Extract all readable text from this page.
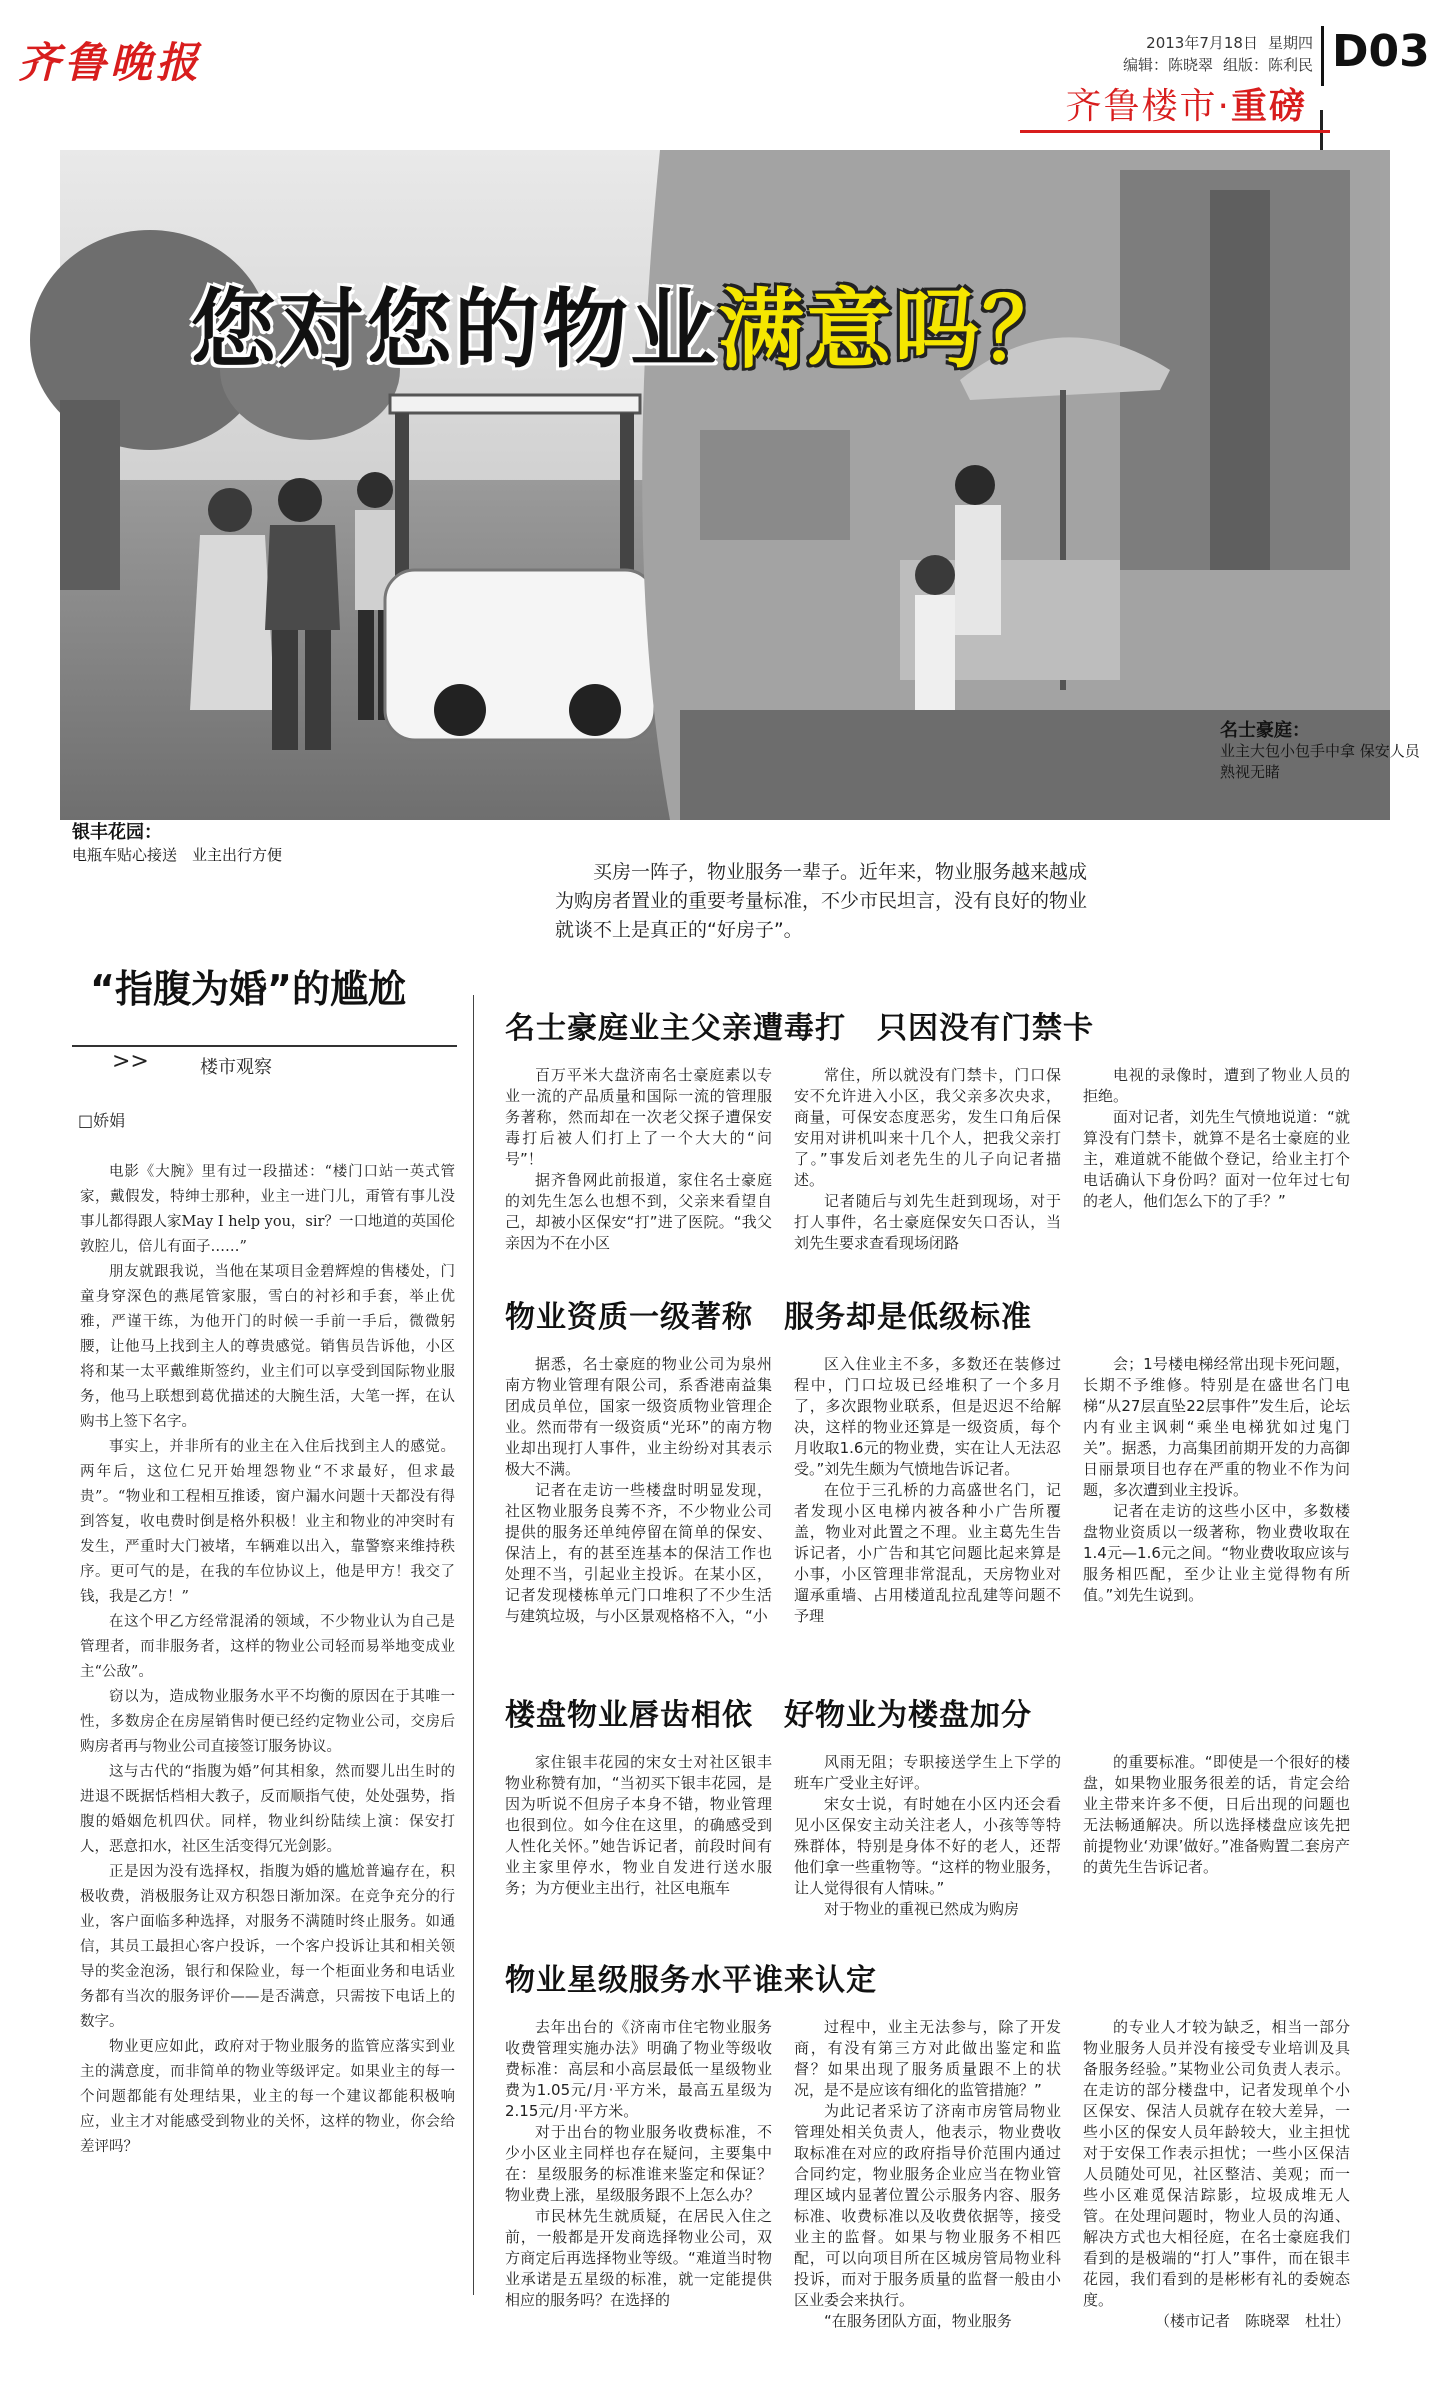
齐鲁晚报	2013年7月18日 星期四
编辑：陈晓翠 组版：陈利民 D03
齐鲁楼市·重磅
您对您的物业满意吗？
名士豪庭：
业主大包小包手中拿 保安人员熟视无睹
银丰花园：
电瓶车贴心接送　业主出行方便
买房一阵子，物业服务一辈子。近年来，物业服务越来越成为购房者置业的重要考量标准，不少市民坦言，没有良好的物业就谈不上是真正的“好房子”。
“指腹为婚”的尴尬
>>	楼市观察
□娇娟

电影《大腕》里有过一段描述：“楼门口站一英式管家，戴假发，特绅士那种，业主一进门儿，甭管有事儿没事儿都得跟人家May I help you，sir？一口地道的英国伦敦腔儿，倍儿有面子……”

朋友就跟我说，当他在某项目金碧辉煌的售楼处，门童身穿深色的燕尾管家服，雪白的衬衫和手套，举止优雅，严谨干练，为他开门的时候一手前一手后，微微躬腰，让他马上找到主人的尊贵感觉。销售员告诉他，小区将和某一太平戴维斯签约，业主们可以享受到国际物业服务，他马上联想到葛优描述的大腕生活，大笔一挥，在认购书上签下名字。

事实上，并非所有的业主在入住后找到主人的感觉。两年后，这位仁兄开始埋怨物业“不求最好，但求最贵”。“物业和工程相互推诿，窗户漏水问题十天都没有得到答复，收电费时倒是格外积极！业主和物业的冲突时有发生，严重时大门被堵，车辆难以出入，靠警察来维持秩序。更可气的是，在我的车位协议上，他是甲方！我交了钱，我是乙方！”

在这个甲乙方经常混淆的领域，不少物业认为自己是管理者，而非服务者，这样的物业公司轻而易举地变成业主“公敌”。

窃以为，造成物业服务水平不均衡的原因在于其唯一性，多数房企在房屋销售时便已经约定物业公司，交房后购房者再与物业公司直接签订服务协议。

这与古代的“指腹为婚”何其相象，然而婴儿出生时的进退不既据恬档相大教子，反而顺指气使，处处强势，指腹的婚姻危机四伏。同样，物业纠纷陆续上演：保安打人，恶意扣水，社区生活变得冗光剑影。

正是因为没有选择权，指腹为婚的尴尬普遍存在，积极收费，消极服务让双方积怨日渐加深。在竞争充分的行业，客户面临多种选择，对服务不满随时终止服务。如通信，其员工最担心客户投诉，一个客户投诉让其和相关领导的奖金泡汤，银行和保险业，每一个柜面业务和电话业务都有当次的服务评价——是否满意，只需按下电话上的数字。

物业更应如此，政府对于物业服务的监管应落实到业主的满意度，而非简单的物业等级评定。如果业主的每一个问题都能有处理结果，业主的每一个建议都能积极响应，业主才对能感受到物业的关怀，这样的物业，你会给差评吗？

名士豪庭业主父亲遭毒打　只因没有门禁卡

百万平米大盘济南名士豪庭素以专业一流的产品质量和国际一流的管理服务著称，然而却在一次老父探子遭保安毒打后被人们打上了一个大大的“问号”！

据齐鲁网此前报道，家住名士豪庭的刘先生怎么也想不到，父亲来看望自己，却被小区保安“打”进了医院。“我父亲因为不在小区

常住，所以就没有门禁卡，门口保安不允许进入小区，我父亲多次央求，商量，可保安态度恶劣，发生口角后保安用对讲机叫来十几个人，把我父亲打了。”事发后刘老先生的儿子向记者描述。

记者随后与刘先生赶到现场，对于打人事件，名士豪庭保安矢口否认，当刘先生要求查看现场闭路

电视的录像时，遭到了物业人员的拒绝。

面对记者，刘先生气愤地说道：“就算没有门禁卡，就算不是名士豪庭的业主，难道就不能做个登记，给业主打个电话确认下身份吗？面对一位年过七旬的老人，他们怎么下的了手？”

物业资质一级著称　服务却是低级标准

据悉，名士豪庭的物业公司为泉州南方物业管理有限公司，系香港南益集团成员单位，国家一级资质物业管理企业。然而带有一级资质“光环”的南方物业却出现打人事件，业主纷纷对其表示极大不满。

记者在走访一些楼盘时明显发现，社区物业服务良莠不齐，不少物业公司提供的服务还单纯停留在简单的保安、保洁上，有的甚至连基本的保洁工作也处理不当，引起业主投诉。在某小区，记者发现楼栋单元门口堆积了不少生活与建筑垃圾，与小区景观格格不入，“小

区入住业主不多，多数还在装修过程中，门口垃圾已经堆积了一个多月了，多次跟物业联系，但是迟迟不给解决，这样的物业还算是一级资质，每个月收取1.6元的物业费，实在让人无法忍受。”刘先生颇为气愤地告诉记者。

在位于三孔桥的力高盛世名门，记者发现小区电梯内被各种小广告所覆盖，物业对此置之不理。业主葛先生告诉记者，小广告和其它问题比起来算是小事，小区管理非常混乱，天房物业对遛承重墙、占用楼道乱拉乱建等问题不予理

会；1号楼电梯经常出现卡死问题，长期不予维修。特别是在盛世名门电梯“从27层直坠22层事件”发生后，论坛内有业主讽刺“乘坐电梯犹如过鬼门关”。据悉，力高集团前期开发的力高御日丽景项目也存在严重的物业不作为问题，多次遭到业主投诉。

记者在走访的这些小区中，多数楼盘物业资质以一级著称，物业费收取在1.4元—1.6元之间。“物业费收取应该与服务相匹配，至少让业主觉得物有所值。”刘先生说到。

楼盘物业唇齿相依　好物业为楼盘加分

家住银丰花园的宋女士对社区银丰物业称赞有加，“当初买下银丰花园，是因为听说不但房子本身不错，物业管理也很到位。如今住在这里，的确感受到人性化关怀。”她告诉记者，前段时间有业主家里停水，物业自发进行送水服务；为方便业主出行，社区电瓶车

风雨无阻；专职接送学生上下学的班车广受业主好评。

宋女士说，有时她在小区内还会看见小区保安主动关注老人，小孩等等特殊群体，特别是身体不好的老人，还帮他们拿一些重物等。“这样的物业服务，让人觉得很有人情味。”

对于物业的重视已然成为购房

的重要标准。“即使是一个很好的楼盘，如果物业服务很差的话，肯定会给业主带来许多不便，日后出现的问题也无法畅通解决。所以选择楼盘应该先把前提物业‘劝课’做好。”准备购置二套房产的黄先生告诉记者。

物业星级服务水平谁来认定

去年出台的《济南市住宅物业服务收费管理实施办法》明确了物业等级收费标准：高层和小高层最低一星级物业费为1.05元/月·平方米，最高五星级为2.15元/月·平方米。

对于出台的物业服务收费标准，不少小区业主同样也存在疑问，主要集中在：星级服务的标准谁来鉴定和保证？物业费上涨，星级服务跟不上怎么办？

市民林先生就质疑，在居民入住之前，一般都是开发商选择物业公司，双方商定后再选择物业等级。“难道当时物业承诺是五星级的标准，就一定能提供相应的服务吗？在选择的

过程中，业主无法参与，除了开发商，有没有第三方对此做出鉴定和监督？如果出现了服务质量跟不上的状况，是不是应该有细化的监管措施？”

为此记者采访了济南市房管局物业管理处相关负责人，他表示，物业费收取标准在对应的政府指导价范围内通过合同约定，物业服务企业应当在物业管理区域内显著位置公示服务内容、服务标准、收费标准以及收费依据等，接受业主的监督。如果与物业服务不相匹配，可以向项目所在区城房管局物业科投诉，而对于服务质量的监督一般由小区业委会来执行。

“在服务团队方面，物业服务

的专业人才较为缺乏，相当一部分物业服务人员并没有接受专业培训及具备服务经验。”某物业公司负责人表示。在走访的部分楼盘中，记者发现单个小区保安、保洁人员就存在较大差异，一些小区的保安人员年龄较大，业主担忧对于安保工作表示担忧；一些小区保洁人员随处可见，社区整洁、美观；而一些小区难觅保洁踪影，垃圾成堆无人管。在处理问题时，物业人员的沟通、解决方式也大相径庭，在名士豪庭我们看到的是极端的“打人”事件，而在银丰花园，我们看到的是彬彬有礼的委婉态度。

（楼市记者　陈晓翠　杜壮）
